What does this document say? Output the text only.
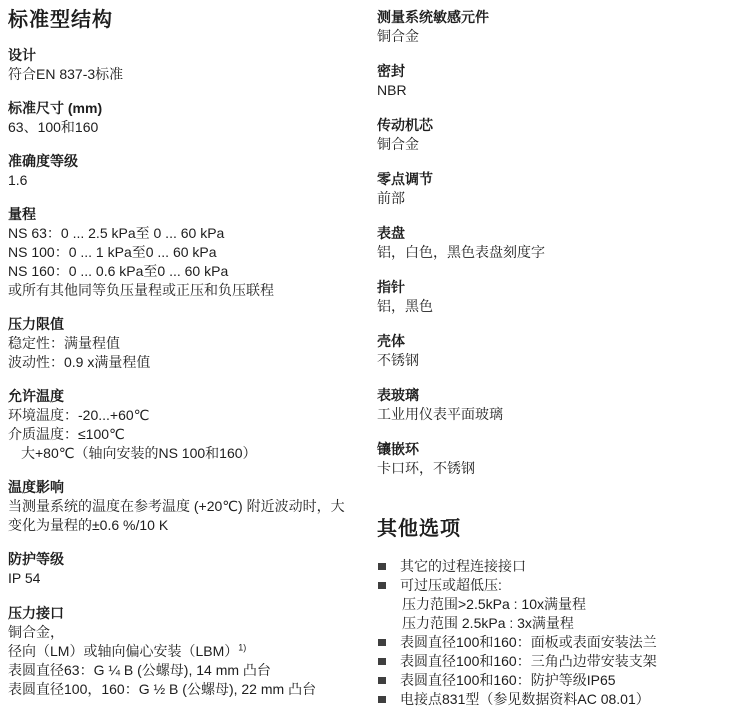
标准型结构
设计
符合EN 837-3标准
标准尺寸 (mm)
63、100和160
准确度等级
1.6
量程
NS 63：0 ... 2.5 kPa至 0 ... 60 kPa
NS 100：0 ... 1 kPa至0 ... 60 kPa
NS 160：0 ... 0.6 kPa至0 ... 60 kPa
或所有其他同等负压量程或正压和负压联程
压力限值
稳定性：满量程值
波动性：0.9 x满量程值
允许温度
环境温度：-20...+60℃
介质温度：≤100℃
大+80℃（轴向安装的NS 100和160）
温度影响
当测量系统的温度在参考温度 (+20℃) 附近波动时，大
变化为量程的±0.6 %/10 K
防护等级
IP 54
压力接口
铜合金，
径向（LM）或轴向偏心安装（LBM）$^{1)}$
表圆直径63：G ¼ B (公螺母), 14 mm 凸台
表圆直径100，160：G ½ B (公螺母), 22 mm 凸台
测量系统敏感元件
铜合金
密封
NBR
传动机芯
铜合金
零点调节
前部
表盘
铝，白色，黑色表盘刻度字
指针
铝，黑色
壳体
不锈钢
表玻璃
工业用仪表平面玻璃
镶嵌环
卡口环，不锈钢
其他选项
其它的过程连接接口
可过压或超低压:
压力范围>2.5kPa : 10x满量程
压力范围 2.5kPa : 3x满量程
表圆直径100和160：面板或表面安装法兰
表圆直径100和160：三角凸边带安装支架
表圆直径100和160：防护等级IP65
电接点831型（参见数据资料AC 08.01）
